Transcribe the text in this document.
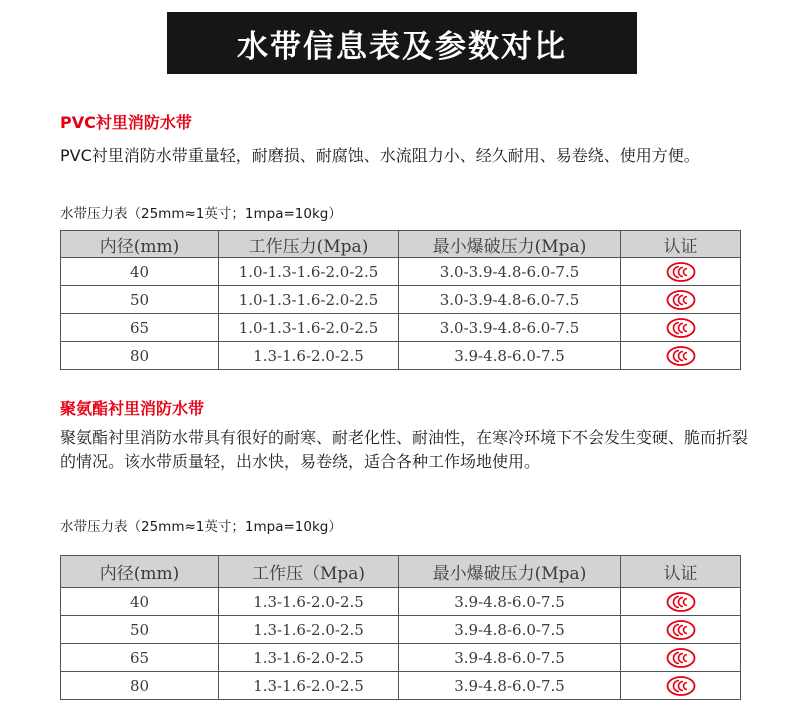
水带信息表及参数对比
PVC衬里消防水带
PVC衬里消防水带重量轻，耐磨损、耐腐蚀、水流阻力小、经久耐用、易卷绕、使用方便。
水带压力表（25mm≈1英寸；1mpa=10kg）
内径(mm)	工作压力(Mpa)	最小爆破压力(Mpa)	认证
40	1.0-1.3-1.6-2.0-2.5	3.0-3.9-4.8-6.0-7.5	
50	1.0-1.3-1.6-2.0-2.5	3.0-3.9-4.8-6.0-7.5	
65	1.0-1.3-1.6-2.0-2.5	3.0-3.9-4.8-6.0-7.5	
80	1.3-1.6-2.0-2.5	3.9-4.8-6.0-7.5	
聚氨酯衬里消防水带
聚氨酯衬里消防水带具有很好的耐寒、耐老化性、耐油性，在寒冷环境下不会发生变硬、脆而折裂的情况。该水带质量轻，出水快，易卷绕，适合各种工作场地使用。
水带压力表（25mm≈1英寸；1mpa=10kg）
内径(mm)	工作压（Mpa)	最小爆破压力(Mpa)	认证
40	1.3-1.6-2.0-2.5	3.9-4.8-6.0-7.5	
50	1.3-1.6-2.0-2.5	3.9-4.8-6.0-7.5	
65	1.3-1.6-2.0-2.5	3.9-4.8-6.0-7.5	
80	1.3-1.6-2.0-2.5	3.9-4.8-6.0-7.5	
